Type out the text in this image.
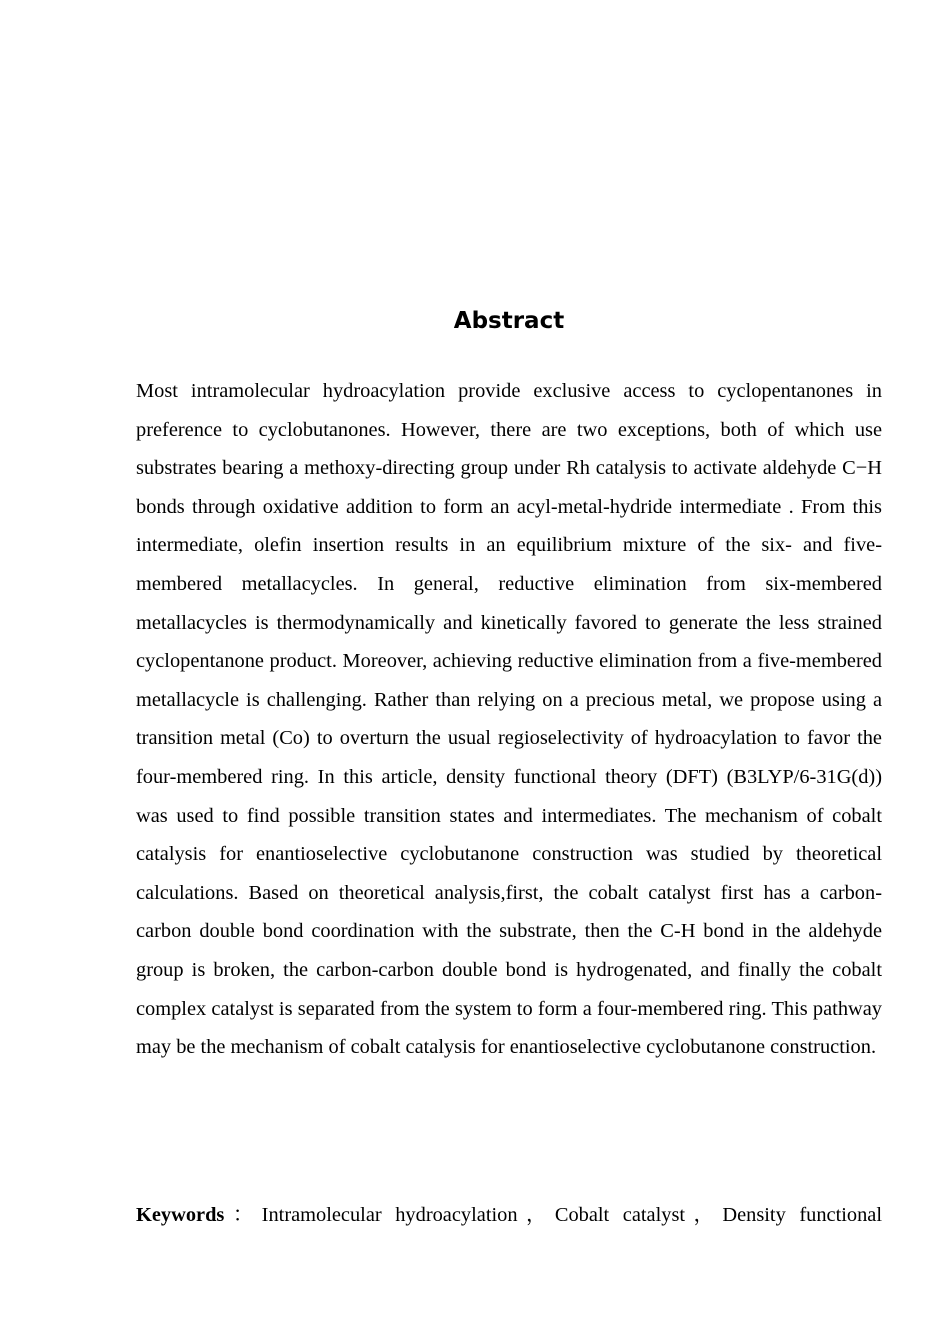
Abstract

Most intramolecular hydroacylation provide exclusive access to cyclopentanones in preference to cyclobutanones. However, there are two exceptions, both of which use substrates bearing a methoxy-directing group under Rh catalysis to activate aldehyde C−H bonds through oxidative addition to form an acyl-metal-hydride intermediate . From this intermediate, olefin insertion results in an equilibrium mixture of the six- and five-membered metallacycles. In general, reductive elimination from six-membered metallacycles is thermodynamically and kinetically favored to generate the less strained cyclopentanone product. Moreover, achieving reductive elimination from a five-membered metallacycle is challenging. Rather than relying on a precious metal, we propose using a transition metal (Co) to overturn the usual regioselectivity of hydroacylation to favor the four-membered ring. In this article, density functional theory (DFT) (B3LYP/6-31G(d)) was used to find possible transition states and intermediates. The mechanism of cobalt catalysis for enantioselective cyclobutanone construction was studied by theoretical calculations. Based on theoretical analysis,first, the cobalt catalyst first has a carbon-carbon double bond coordination with the substrate, then the C-H bond in the aldehyde group is broken, the carbon-carbon double bond is hydrogenated, and finally the cobalt complex catalyst is separated from the system to form a four-membered ring. This pathway may be the mechanism of cobalt catalysis for enantioselective cyclobutanone construction.

Keywords：Intramolecular hydroacylation，Cobalt catalyst，Density functional
